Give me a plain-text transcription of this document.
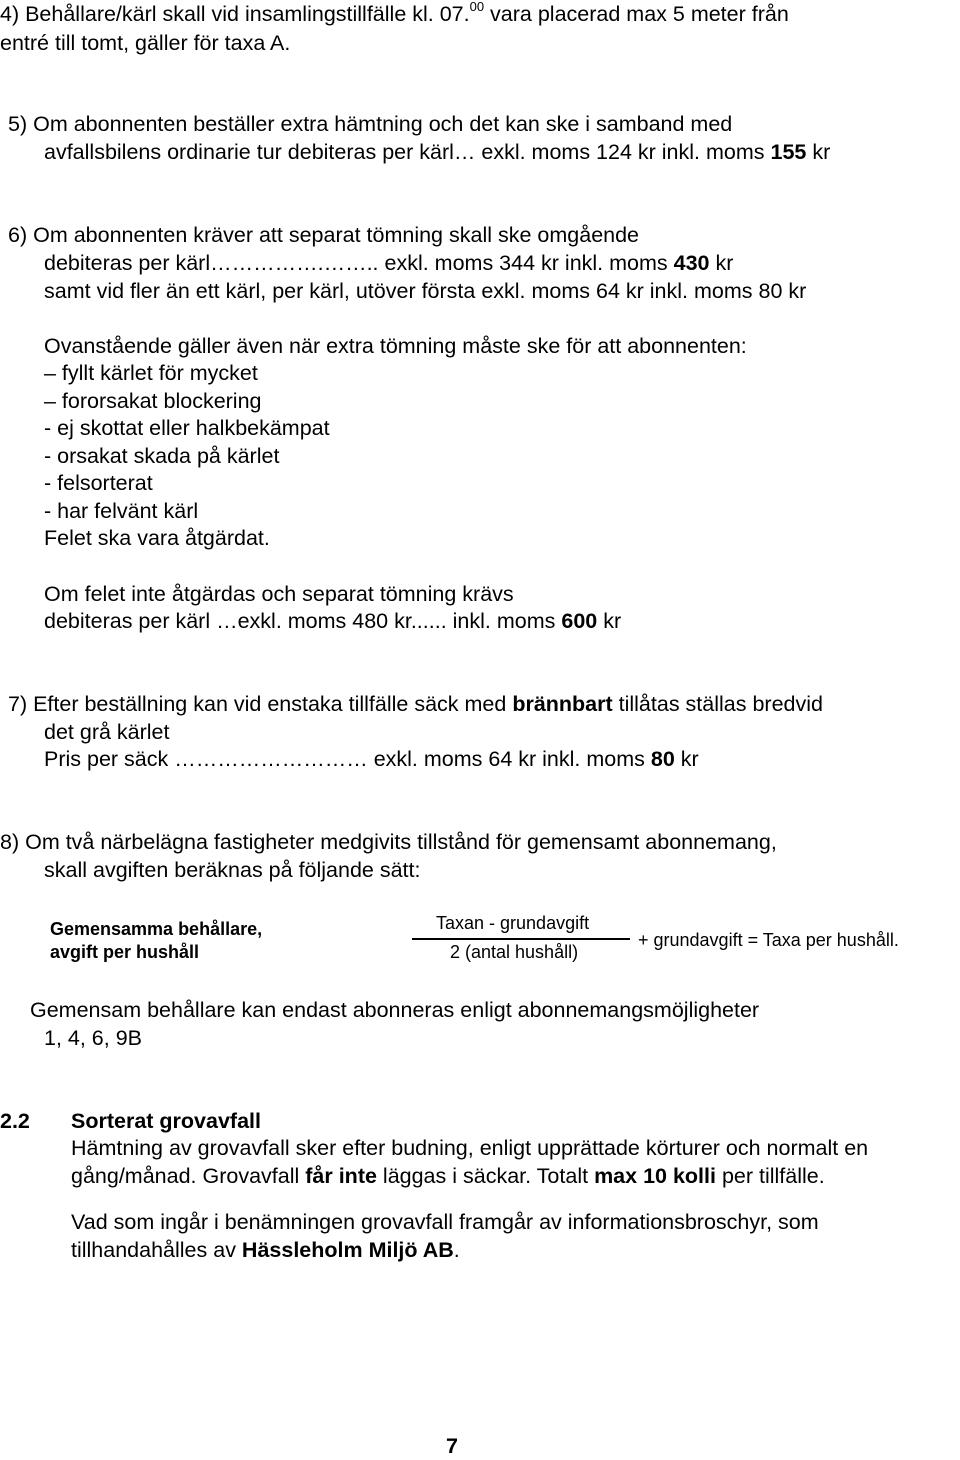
4) Behållare/kärl skall vid insamlingstillfälle kl. 07.00 vara placerad max 5 meter från
entré till tomt, gäller för taxa A.
5) Om abonnenten beställer extra hämtning och det kan ske i samband med
avfallsbilens ordinarie tur debiteras per kärl… exkl. moms 124 kr inkl. moms 155 kr
6) Om abonnenten kräver att separat tömning skall ske omgående
debiteras per kärl…………….…….. exkl. moms 344 kr inkl. moms 430 kr
samt vid fler än ett kärl, per kärl, utöver första exkl. moms 64 kr inkl. moms 80 kr
Ovanstående gäller även när extra tömning måste ske för att abonnenten:
– fyllt kärlet för mycket
– fororsakat blockering
- ej skottat eller halkbekämpat
- orsakat skada på kärlet
- felsorterat
- har felvänt kärl
Felet ska vara åtgärdat.
Om felet inte åtgärdas och separat tömning krävs
debiteras per kärl …exkl. moms 480 kr...... inkl. moms 600 kr
7) Efter beställning kan vid enstaka tillfälle säck med brännbart tillåtas ställas bredvid
det grå kärlet
Pris per säck ……………………… exkl. moms 64 kr inkl. moms 80 kr
8) Om två närbelägna fastigheter medgivits tillstånd för gemensamt abonnemang,
skall avgiften beräknas på följande sätt:
Gemensamma behållare,
avgift per hushåll
Taxan - grundavgift
2 (antal hushåll)
+ grundavgift = Taxa per hushåll.
Gemensam behållare kan endast abonneras enligt abonnemangsmöjligheter
1, 4, 6, 9B
2.2 Sorterat grovavfall
Hämtning av grovavfall sker efter budning, enligt upprättade körturer och normalt en
gång/månad. Grovavfall får inte läggas i säckar. Totalt max 10 kolli per tillfälle.
Vad som ingår i benämningen grovavfall framgår av informationsbroschyr, som
tillhandahålles av Hässleholm Miljö AB.
7
